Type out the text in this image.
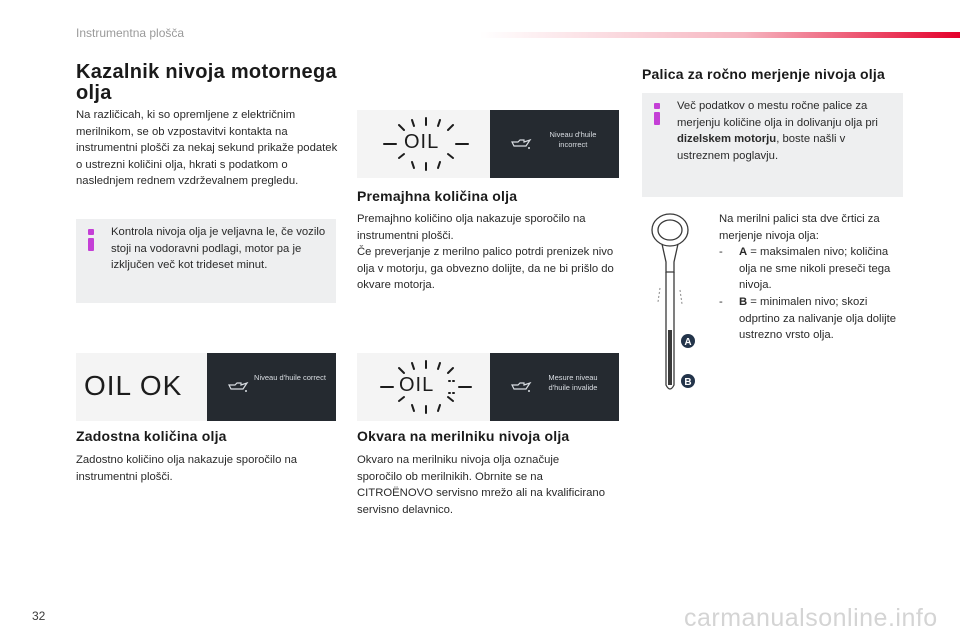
Instrumentna plošča
Kazalnik nivoja motornega olja

Na različicah, ki so opremljene z električnim merilnikom, se ob vzpostavitvi kontakta na instrumentni plošči za nekaj sekund prikaže podatek o ustrezni količini olja, hkrati s podatkom o naslednjem rednem vzdrževalnem pregledu.

Kontrola nivoja olja je veljavna le, če vozilo stoji na vodoravni podlagi, motor pa je izključen več kot trideset minut.
OIL OK	Niveau d'huile correct
Zadostna količina olja

Zadostno količino olja nakazuje sporočilo na instrumentni plošči.

OIL	Niveau d'huile incorrect
Premajhna količina olja

Premajhno količino olja nakazuje sporočilo na instrumentni plošči.

Če preverjanje z merilno palico potrdi prenizek nivo olja v motorju, ga obvezno dolijte, da ne bi prišlo do okvare motorja.

OIL	Mesure niveau d'huile invalide
Okvara na merilniku nivoja olja

Okvaro na merilniku nivoja olja označuje sporočilo ob merilnikih. Obrnite se na CITROËNOVO servisno mrežo ali na kvalificirano servisno delavnico.

Palica za ročno merjenje nivoja olja
Več podatkov o mestu ročne palice za merjenju količine olja in dolivanju olja pri dizelskem motorju, boste našli v ustreznem poglavju.
A
B
Na merilni palici sta dve črtici za merjenje nivoja olja:
-	A = maksimalen nivo; količina olja ne sme nikoli preseči tega nivoja.
-	B = minimalen nivo; skozi odprtino za nalivanje olja dolijte ustrezno vrsto olja.
32	carmanualsonline.info
